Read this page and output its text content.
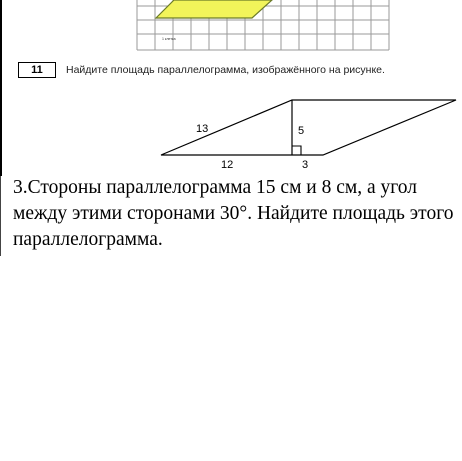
1 клетка
11	Найдите площадь параллелограмма, изображённого на рисунке.
13	5
12	3

3.Стороны параллелограмма 15 см и 8 см, а угол между этими сторонами 30°. Найдите площадь этого параллелограмма.
